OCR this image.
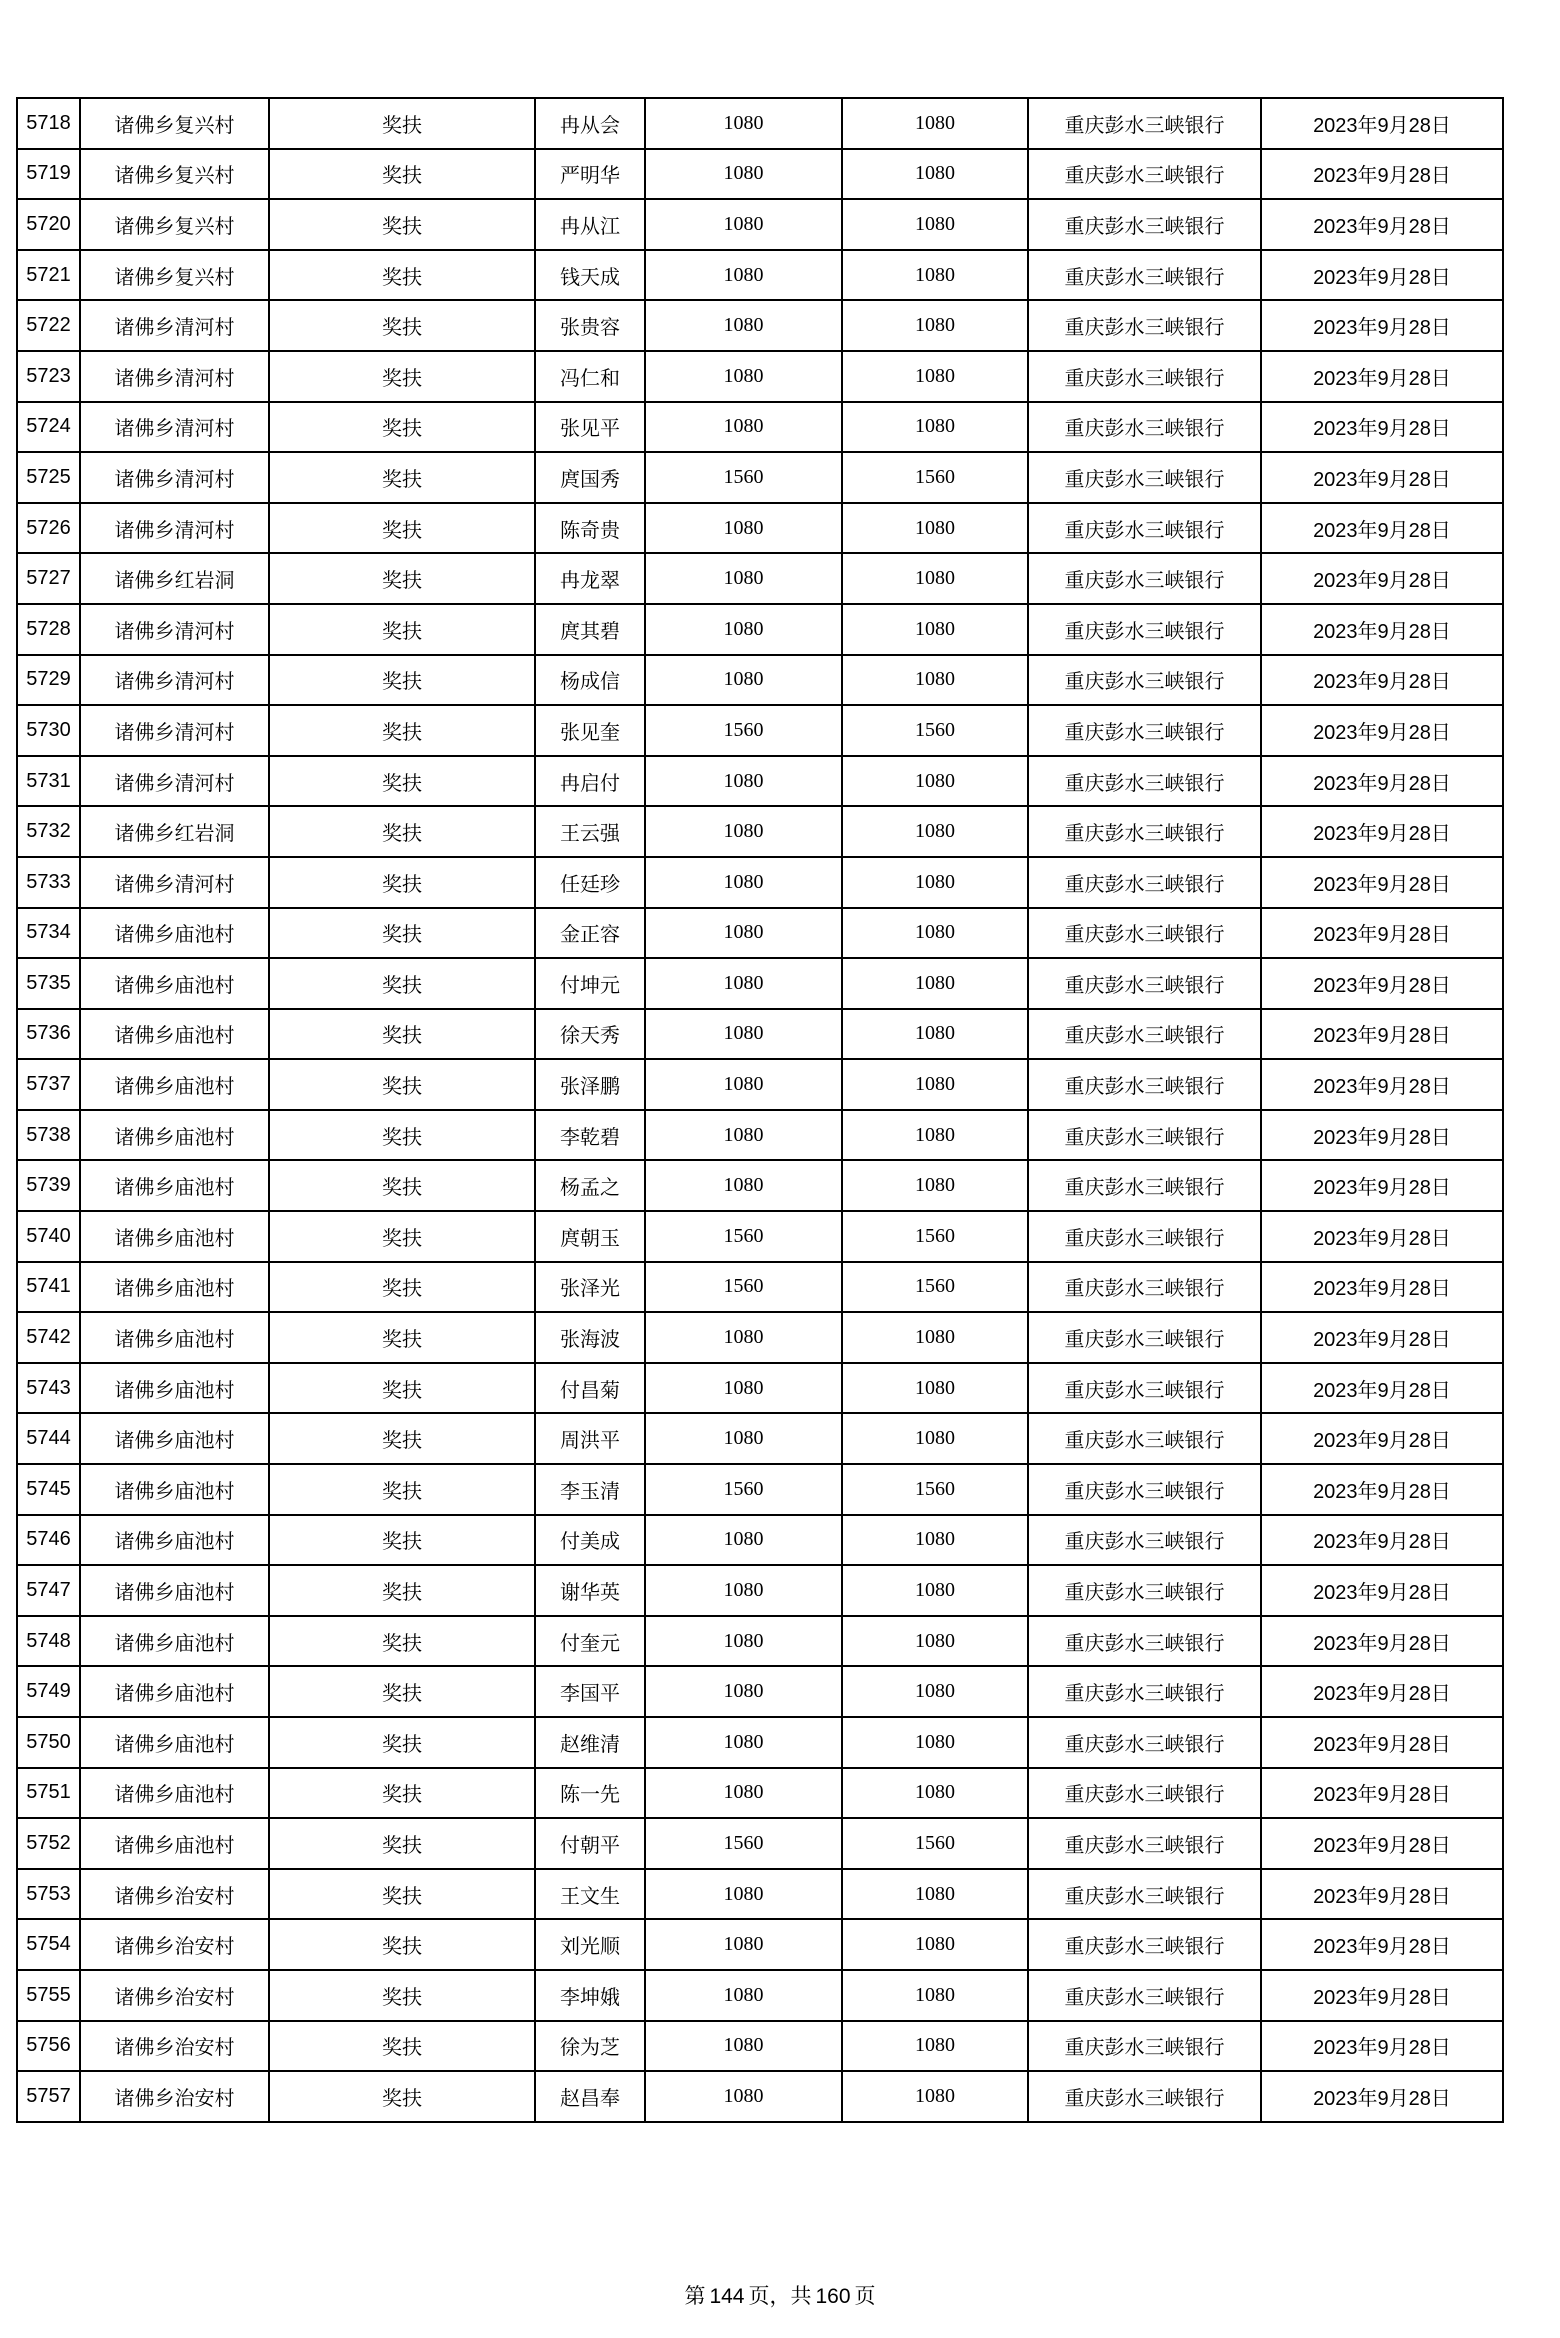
5718	诸佛乡复兴村	奖扶	冉从会	1080	1080	重庆彭水三峡银行	2023年9月28日
5719	诸佛乡复兴村	奖扶	严明华	1080	1080	重庆彭水三峡银行	2023年9月28日
5720	诸佛乡复兴村	奖扶	冉从江	1080	1080	重庆彭水三峡银行	2023年9月28日
5721	诸佛乡复兴村	奖扶	钱天成	1080	1080	重庆彭水三峡银行	2023年9月28日
5722	诸佛乡清河村	奖扶	张贵容	1080	1080	重庆彭水三峡银行	2023年9月28日
5723	诸佛乡清河村	奖扶	冯仁和	1080	1080	重庆彭水三峡银行	2023年9月28日
5724	诸佛乡清河村	奖扶	张见平	1080	1080	重庆彭水三峡银行	2023年9月28日
5725	诸佛乡清河村	奖扶	庹国秀	1560	1560	重庆彭水三峡银行	2023年9月28日
5726	诸佛乡清河村	奖扶	陈奇贵	1080	1080	重庆彭水三峡银行	2023年9月28日
5727	诸佛乡红岩洞	奖扶	冉龙翠	1080	1080	重庆彭水三峡银行	2023年9月28日
5728	诸佛乡清河村	奖扶	庹其碧	1080	1080	重庆彭水三峡银行	2023年9月28日
5729	诸佛乡清河村	奖扶	杨成信	1080	1080	重庆彭水三峡银行	2023年9月28日
5730	诸佛乡清河村	奖扶	张见奎	1560	1560	重庆彭水三峡银行	2023年9月28日
5731	诸佛乡清河村	奖扶	冉启付	1080	1080	重庆彭水三峡银行	2023年9月28日
5732	诸佛乡红岩洞	奖扶	王云强	1080	1080	重庆彭水三峡银行	2023年9月28日
5733	诸佛乡清河村	奖扶	任廷珍	1080	1080	重庆彭水三峡银行	2023年9月28日
5734	诸佛乡庙池村	奖扶	金正容	1080	1080	重庆彭水三峡银行	2023年9月28日
5735	诸佛乡庙池村	奖扶	付坤元	1080	1080	重庆彭水三峡银行	2023年9月28日
5736	诸佛乡庙池村	奖扶	徐天秀	1080	1080	重庆彭水三峡银行	2023年9月28日
5737	诸佛乡庙池村	奖扶	张泽鹏	1080	1080	重庆彭水三峡银行	2023年9月28日
5738	诸佛乡庙池村	奖扶	李乾碧	1080	1080	重庆彭水三峡银行	2023年9月28日
5739	诸佛乡庙池村	奖扶	杨孟之	1080	1080	重庆彭水三峡银行	2023年9月28日
5740	诸佛乡庙池村	奖扶	庹朝玉	1560	1560	重庆彭水三峡银行	2023年9月28日
5741	诸佛乡庙池村	奖扶	张泽光	1560	1560	重庆彭水三峡银行	2023年9月28日
5742	诸佛乡庙池村	奖扶	张海波	1080	1080	重庆彭水三峡银行	2023年9月28日
5743	诸佛乡庙池村	奖扶	付昌菊	1080	1080	重庆彭水三峡银行	2023年9月28日
5744	诸佛乡庙池村	奖扶	周洪平	1080	1080	重庆彭水三峡银行	2023年9月28日
5745	诸佛乡庙池村	奖扶	李玉清	1560	1560	重庆彭水三峡银行	2023年9月28日
5746	诸佛乡庙池村	奖扶	付美成	1080	1080	重庆彭水三峡银行	2023年9月28日
5747	诸佛乡庙池村	奖扶	谢华英	1080	1080	重庆彭水三峡银行	2023年9月28日
5748	诸佛乡庙池村	奖扶	付奎元	1080	1080	重庆彭水三峡银行	2023年9月28日
5749	诸佛乡庙池村	奖扶	李国平	1080	1080	重庆彭水三峡银行	2023年9月28日
5750	诸佛乡庙池村	奖扶	赵维清	1080	1080	重庆彭水三峡银行	2023年9月28日
5751	诸佛乡庙池村	奖扶	陈一先	1080	1080	重庆彭水三峡银行	2023年9月28日
5752	诸佛乡庙池村	奖扶	付朝平	1560	1560	重庆彭水三峡银行	2023年9月28日
5753	诸佛乡治安村	奖扶	王文生	1080	1080	重庆彭水三峡银行	2023年9月28日
5754	诸佛乡治安村	奖扶	刘光顺	1080	1080	重庆彭水三峡银行	2023年9月28日
5755	诸佛乡治安村	奖扶	李坤娥	1080	1080	重庆彭水三峡银行	2023年9月28日
5756	诸佛乡治安村	奖扶	徐为芝	1080	1080	重庆彭水三峡银行	2023年9月28日
5757	诸佛乡治安村	奖扶	赵昌奉	1080	1080	重庆彭水三峡银行	2023年9月28日
第 144 页，共 160 页
